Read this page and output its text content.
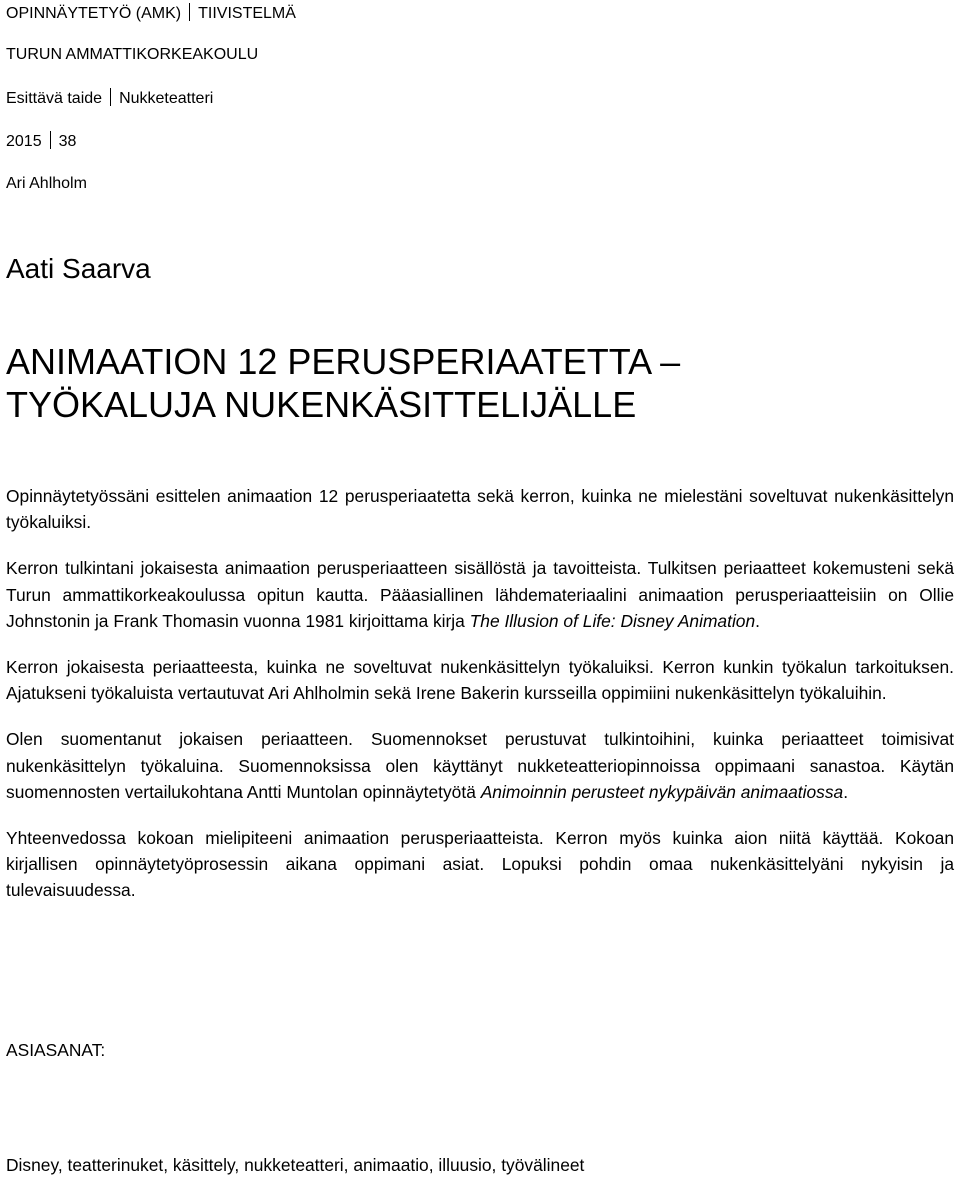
OPINNÄYTETYÖ (AMK) TIIVISTELMÄ
TURUN AMMATTIKORKEAKOULU
Esittävä taide Nukketeatteri
2015 38
Ari Ahlholm
Aati Saarva
ANIMAATION 12 PERUSPERIAATETTA –
TYÖKALUJA NUKENKÄSITTELIJÄLLE

Opinnäytetyössäni esittelen animaation 12 perusperiaatetta sekä kerron, kuinka ne mielestäni soveltuvat nukenkäsittelyn työkaluiksi.

Kerron tulkintani jokaisesta animaation perusperiaatteen sisällöstä ja tavoitteista. Tulkitsen periaatteet kokemusteni sekä Turun ammattikorkeakoulussa opitun kautta. Pääasiallinen lähdemateriaalini animaation perusperiaatteisiin on Ollie Johnstonin ja Frank Thomasin vuonna 1981 kirjoittama kirja The Illusion of Life: Disney Animation.

Kerron jokaisesta periaatteesta, kuinka ne soveltuvat nukenkäsittelyn työkaluiksi. Kerron kunkin työkalun tarkoituksen. Ajatukseni työkaluista vertautuvat Ari Ahlholmin sekä Irene Bakerin kursseilla oppimiini nukenkäsittelyn työkaluihin.

Olen suomentanut jokaisen periaatteen. Suomennokset perustuvat tulkintoihini, kuinka periaatteet toimisivat nukenkäsittelyn työkaluina. Suomennoksissa olen käyttänyt nukketeatteriopinnoissa oppimaani sanastoa. Käytän suomennosten vertailukohtana Antti Muntolan opinnäytetyötä Animoinnin perusteet nykypäivän animaatiossa.

Yhteenvedossa kokoan mielipiteeni animaation perusperiaatteista. Kerron myös kuinka aion niitä käyttää. Kokoan kirjallisen opinnäytetyöprosessin aikana oppimani asiat. Lopuksi pohdin omaa nukenkäsittelyäni nykyisin ja tulevaisuudessa.

ASIASANAT:
Disney, teatterinuket, käsittely, nukketeatteri, animaatio, illuusio, työvälineet
